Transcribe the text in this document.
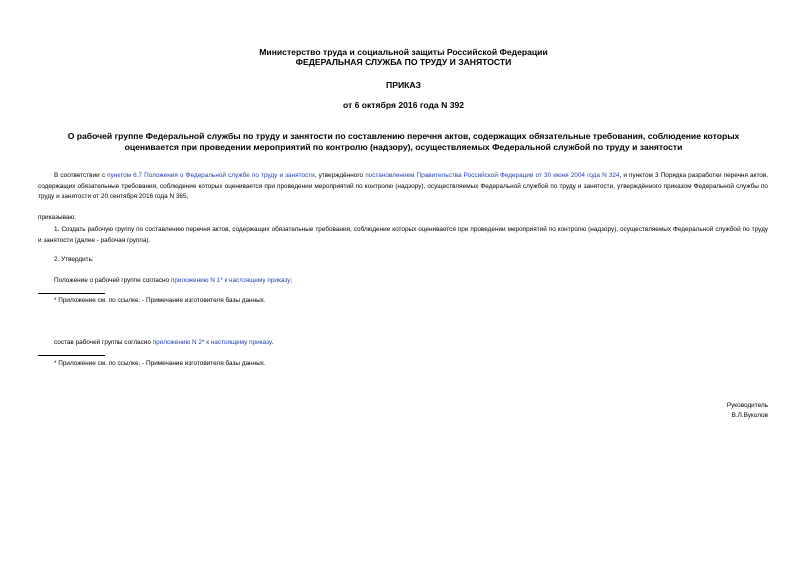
Министерство труда и социальной защиты Российской Федерации
ФЕДЕРАЛЬНАЯ СЛУЖБА ПО ТРУДУ И ЗАНЯТОСТИ
ПРИКАЗ
от 6 октября 2016 года N 392
О рабочей группе Федеральной службы по труду и занятости по составлению перечня актов, содержащих обязательные требования, соблюдение которых
оценивается при проведении мероприятий по контролю (надзору), осуществляемых Федеральной службой по труду и занятости
В соответствии с пунктом 6.7 Положения о Федеральной службе по труду и занятости, утверждённого постановлением Правительства Российской Федерации от 30 июня 2004 года N 324, и пунктом 3 Порядка разработки перечня актов, содержащих обязательные требования, соблюдение которых оценивается при проведении мероприятий по контролю (надзору), осуществляемых Федеральной службой по труду и занятости, утверждённого приказом Федеральной службы по труду и занятости от 20 сентября 2016 года N 365,
приказываю:
1. Создать рабочую группу по составлению перечня актов, содержащих обязательные требования, соблюдение которых оценивается при проведении мероприятий по контролю (надзору), осуществляемых Федеральной службой по труду и занятости (далее - рабочая группа).
2. Утвердить:
Положение о рабочей группе согласно приложению N 1* к настоящему приказу;
* Приложение см. по ссылке. - Примечание изготовителя базы данных.
состав рабочей группы согласно приложению N 2* к настоящему приказу.
* Приложение см. по ссылке. - Примечание изготовителя базы данных.
Руководитель
В.Л.Вуколов
